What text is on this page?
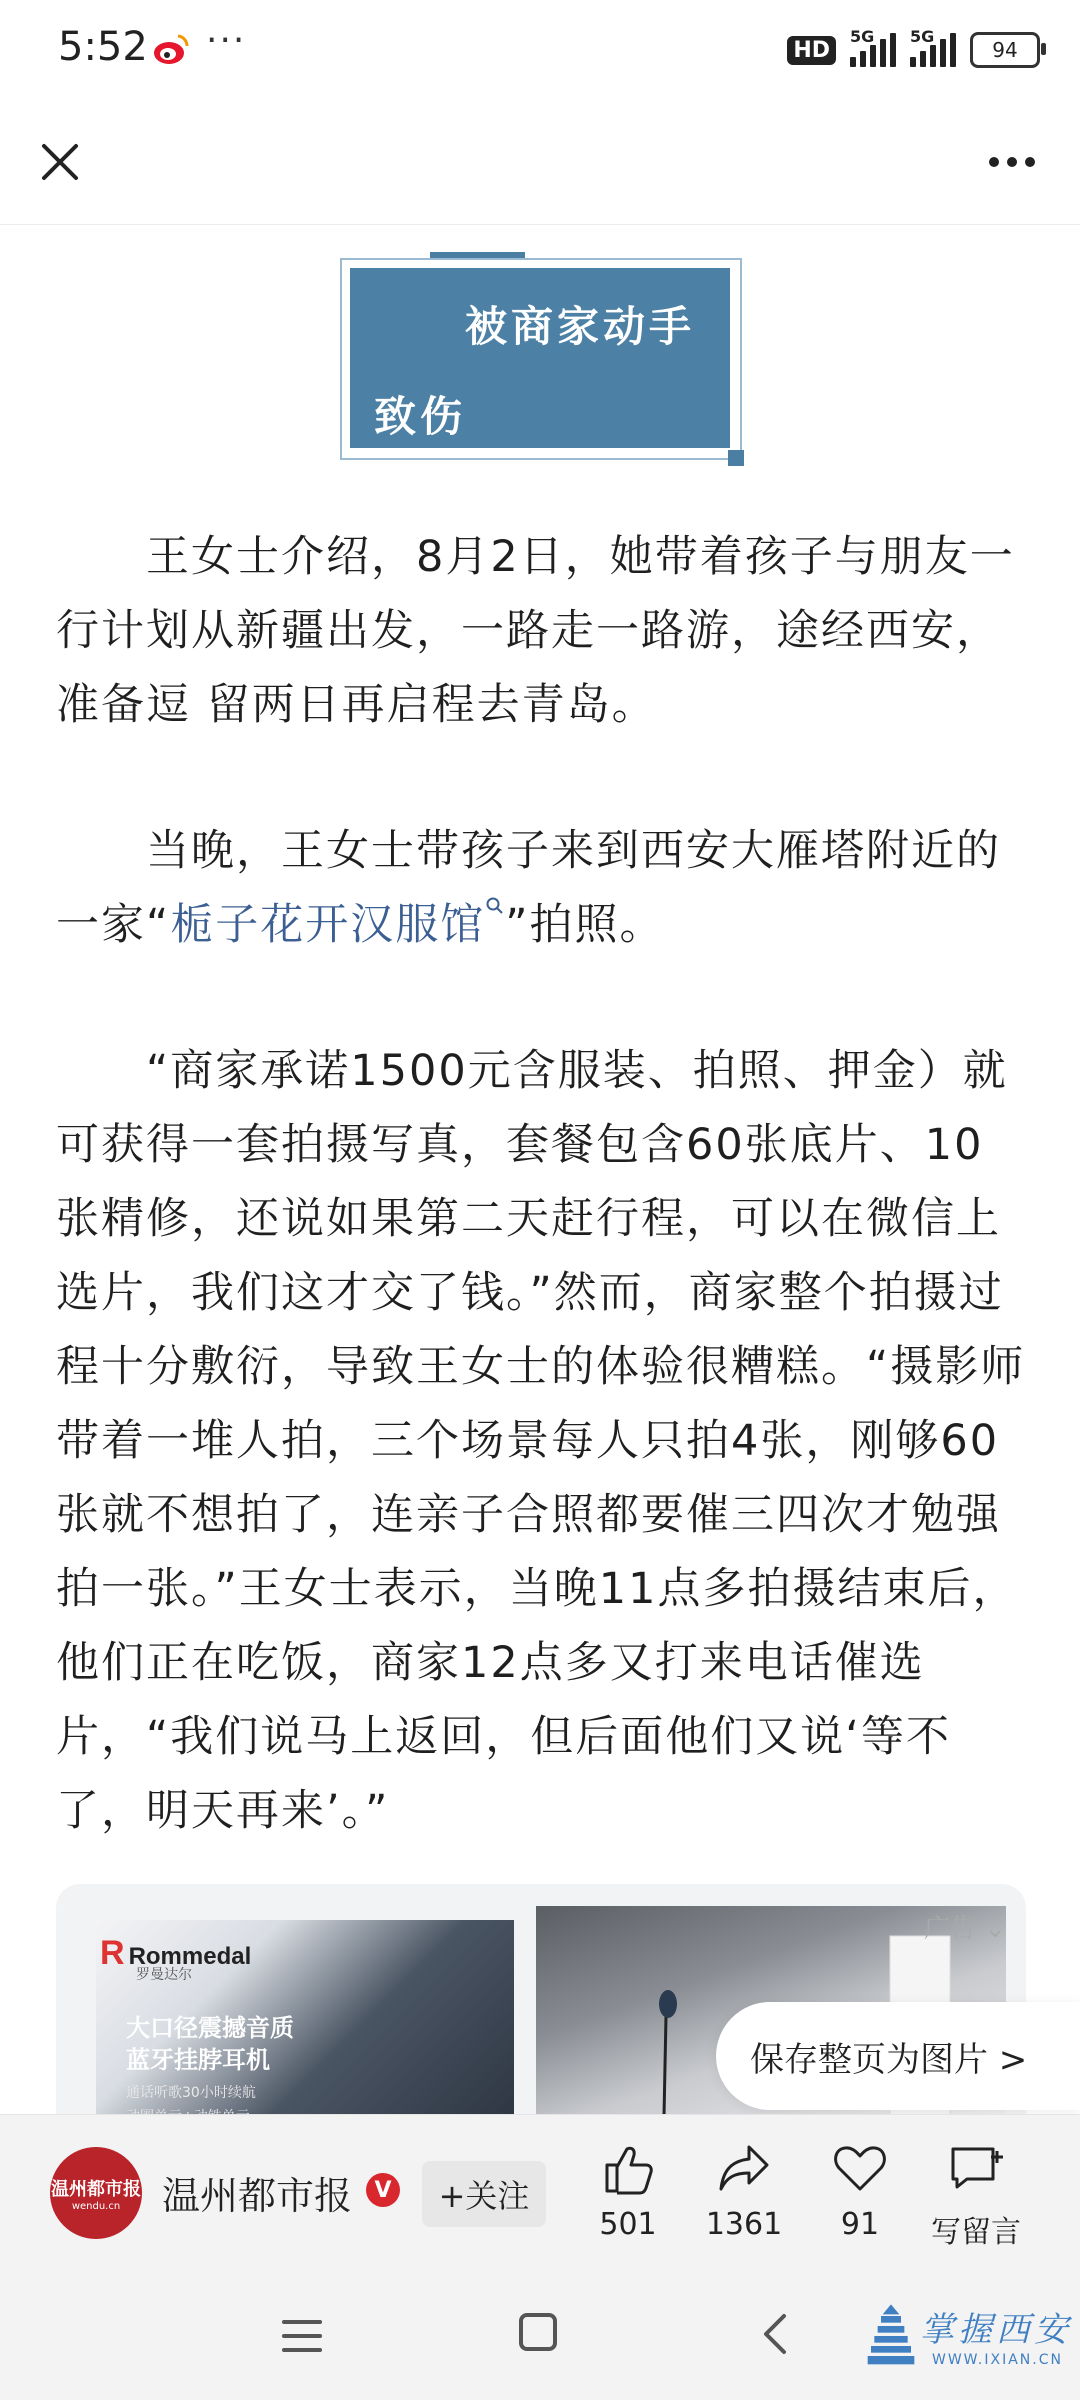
5:52 ···	HD
5G 5G
94
被商家动手
致伤

王女士介绍，8月2日，她带着孩子与朋友一行计划从新疆出发，一路走一路游，途经西安，准备逗 留两日再启程去青岛。

当晚，王女士带孩子来到西安大雁塔附近的一家“栀子花开汉服馆 ”拍照。

“商家承诺1500元含服装、拍照、押金）就可获得一套拍摄写真，套餐包含60张底片、10张精修，还说如果第二天赶行程，可以在微信上选片，我们这才交了钱。”然而，商家整个拍摄过程十分敷衍，导致王女士的体验很糟糕。“摄影师带着一堆人拍，三个场景每人只拍4张，刚够60张就不想拍了，连亲子合照都要催三四次才勉强拍一张。”王女士表示，当晚11点多拍摄结束后，他们正在吃饭，商家12点多又打来电话催选片，“我们说马上返回，但后面他们又说‘等不了，明天再来’。”

R Rommedal
罗曼达尔
大口径震撼音质
蓝牙挂脖耳机
通话听歌30小时续航
广告 ⌄
保存整页为图片 >
温州都市报
wendu.cn 温州都市报	V	+关注
501 1361 91 写留言
掌握西安
WWW.IXIAN.CN
